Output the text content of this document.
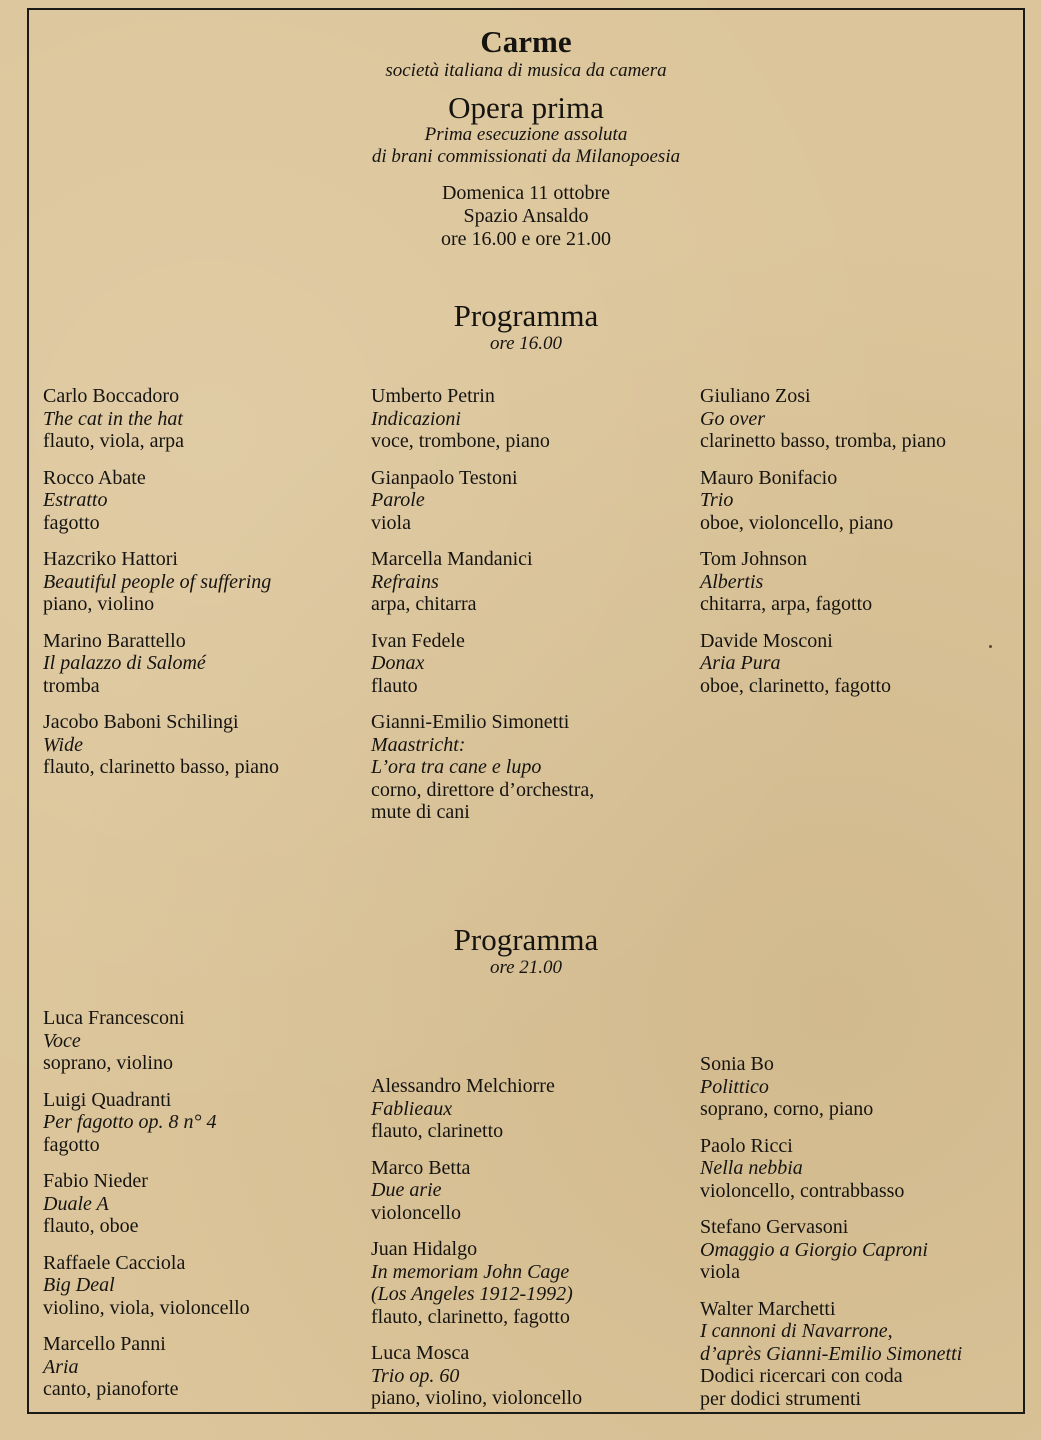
Carme
società italiana di musica da camera
Opera prima
Prima esecuzione assoluta
di brani commissionati da Milanopoesia
Domenica 11 ottobre
Spazio Ansaldo
ore 16.00 e ore 21.00
Programma
ore 16.00
Carlo Boccadoro
The cat in the hat
flauto, viola, arpa
Rocco Abate
Estratto
fagotto
Hazcriko Hattori
Beautiful people of suffering
piano, violino
Marino Barattello
Il palazzo di Salomé
tromba
Jacobo Baboni Schilingi
Wide
flauto, clarinetto basso, piano
Umberto Petrin
Indicazioni
voce, trombone, piano
Gianpaolo Testoni
Parole
viola
Marcella Mandanici
Refrains
arpa, chitarra
Ivan Fedele
Donax
flauto
Gianni-Emilio Simonetti
Maastricht:
L’ora tra cane e lupo
corno, direttore d’orchestra,
mute di cani
Giuliano Zosi
Go over
clarinetto basso, tromba, piano
Mauro Bonifacio
Trio
oboe, violoncello, piano
Tom Johnson
Albertis
chitarra, arpa, fagotto
Davide Mosconi
Aria Pura
oboe, clarinetto, fagotto
Programma
ore 21.00
Luca Francesconi
Voce
soprano, violino
Luigi Quadranti
Per fagotto op. 8 n° 4
fagotto
Fabio Nieder
Duale A
flauto, oboe
Raffaele Cacciola
Big Deal
violino, viola, violoncello
Marcello Panni
Aria
canto, pianoforte
Alessandro Melchiorre
Fablieaux
flauto, clarinetto
Marco Betta
Due arie
violoncello
Juan Hidalgo
In memoriam John Cage
(Los Angeles 1912-1992)
flauto, clarinetto, fagotto
Luca Mosca
Trio op. 60
piano, violino, violoncello
Sonia Bo
Polittico
soprano, corno, piano
Paolo Ricci
Nella nebbia
violoncello, contrabbasso
Stefano Gervasoni
Omaggio a Giorgio Caproni
viola
Walter Marchetti
I cannoni di Navarrone,
d’après Gianni-Emilio Simonetti
Dodici ricercari con coda
per dodici strumenti
